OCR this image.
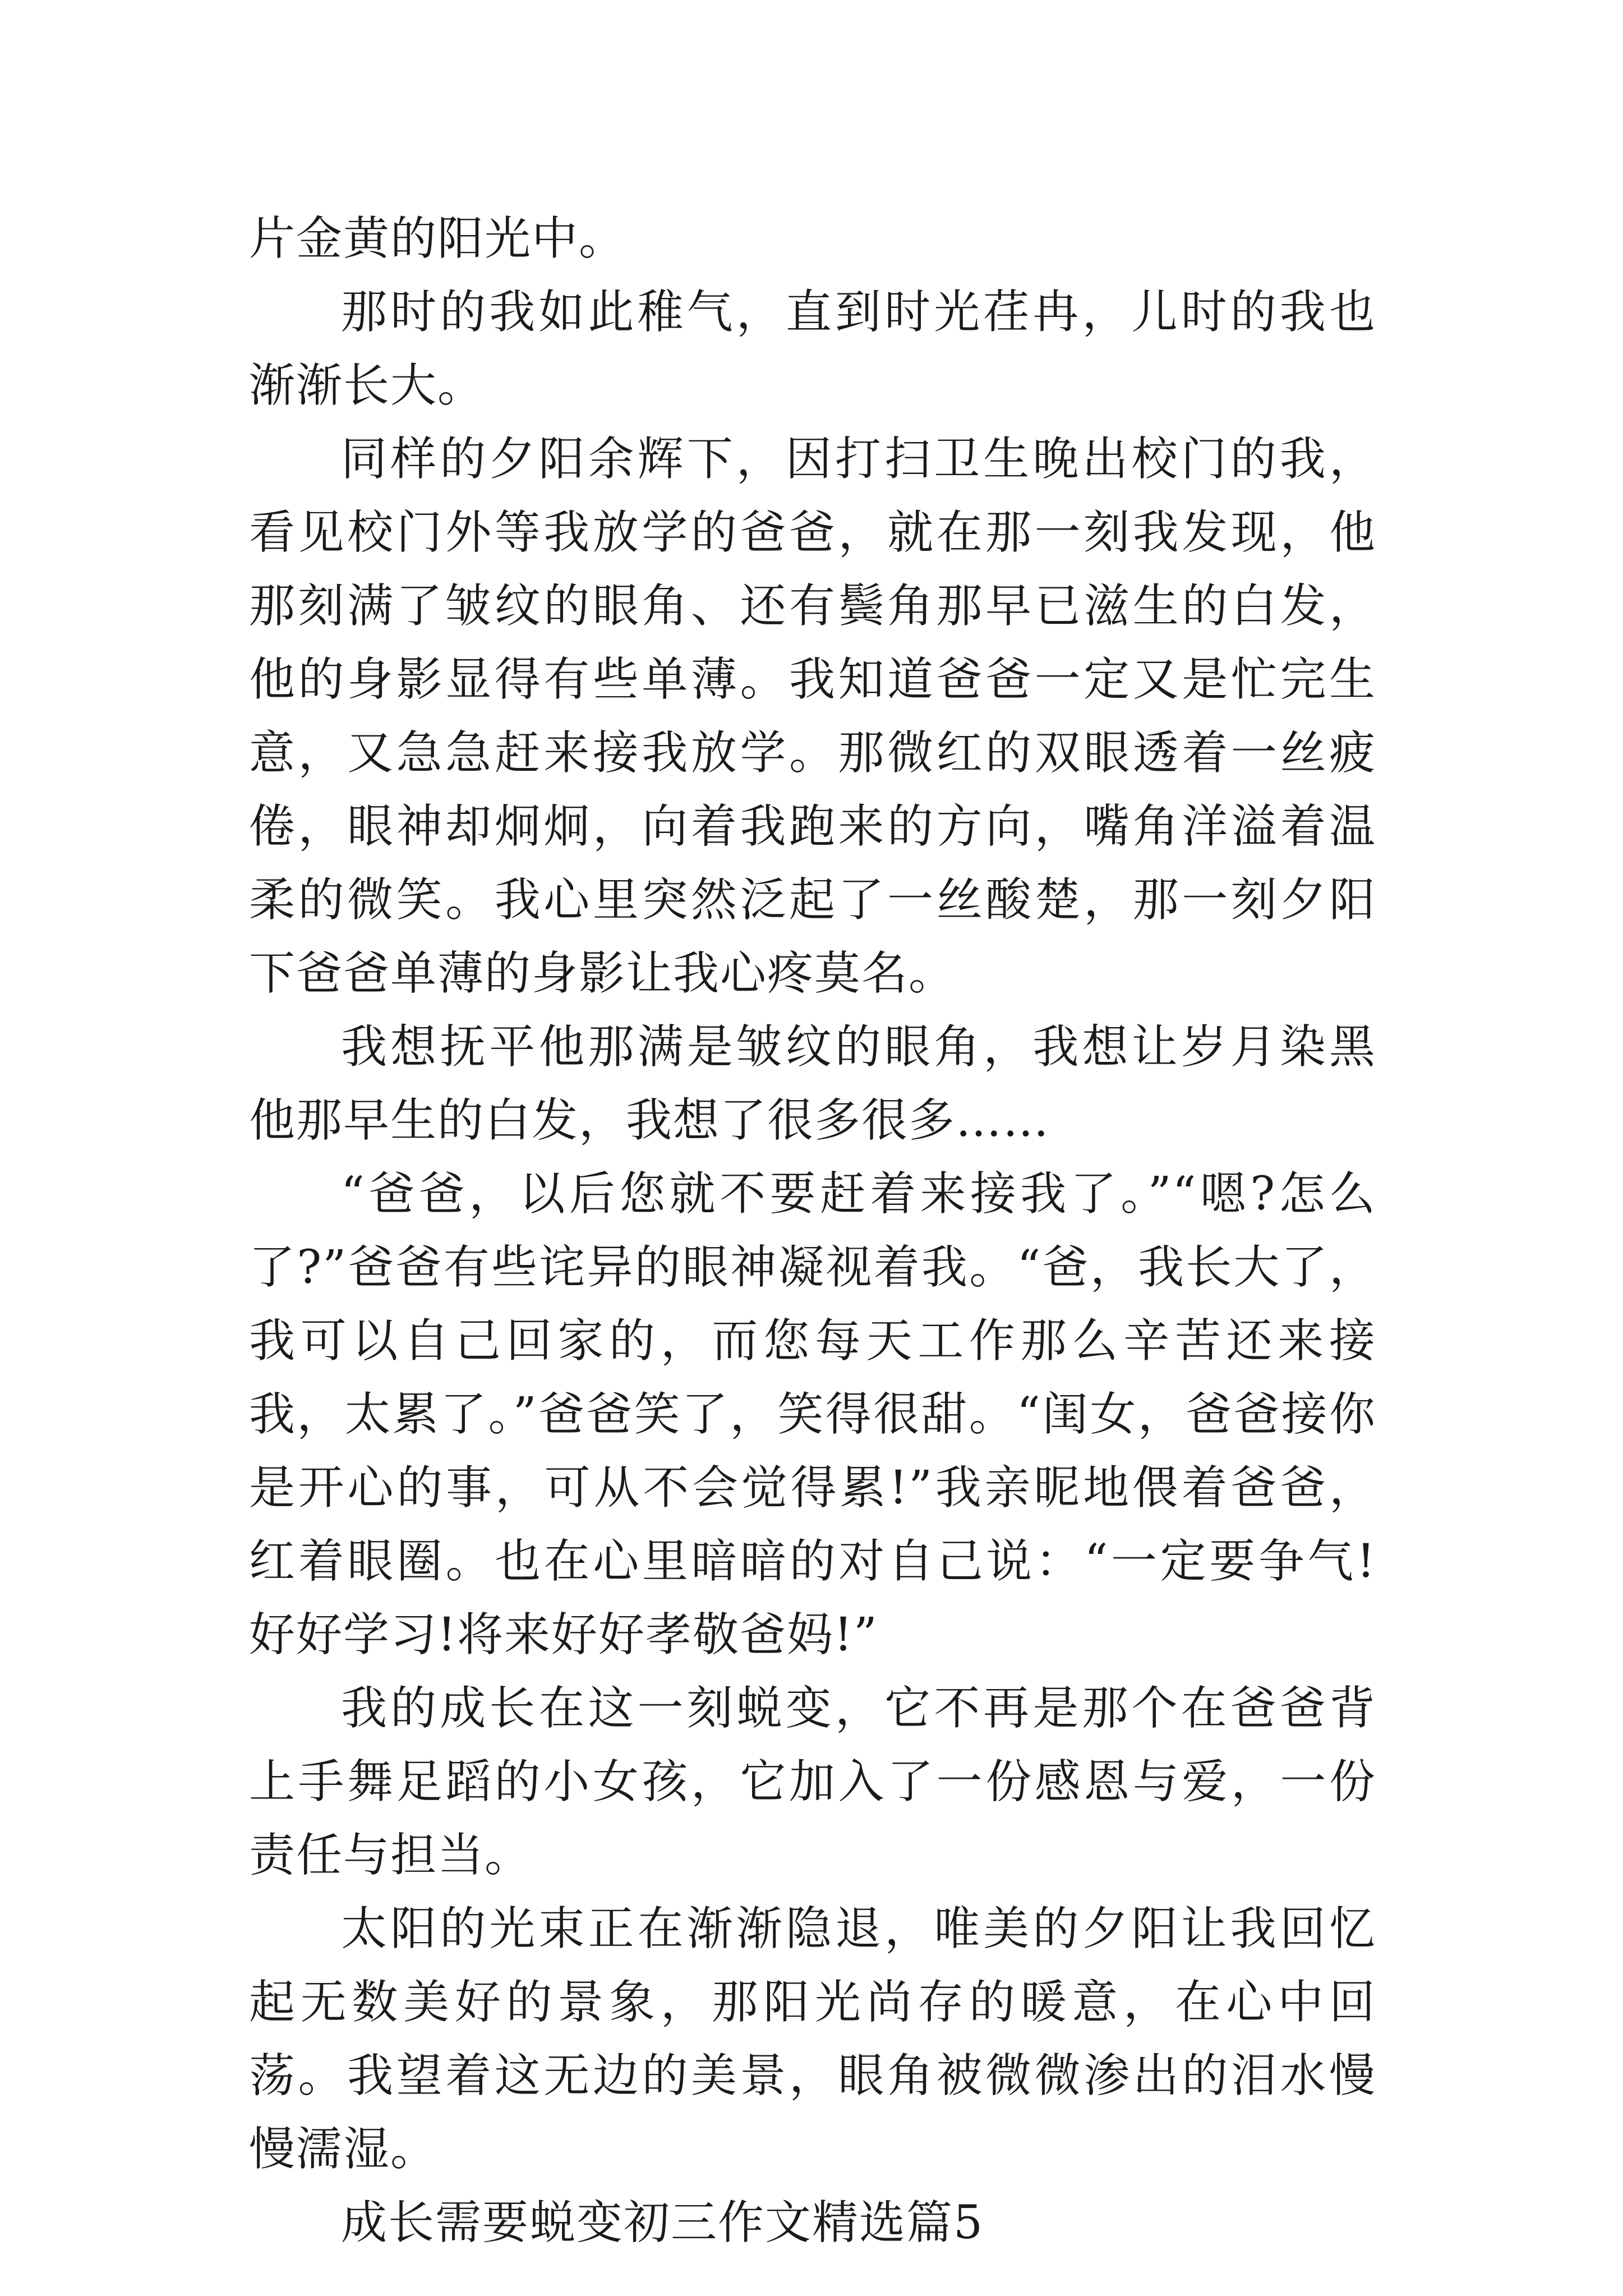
片金黄的阳光中。

那时的我如此稚气，直到时光荏冉，儿时的我也渐渐长大。

同样的夕阳余辉下，因打扫卫生晚出校门的我，看见校门外等我放学的爸爸，就在那一刻我发现，他那刻满了皱纹的眼角、还有鬓角那早已滋生的白发，他的身影显得有些单薄。我知道爸爸一定又是忙完生意，又急急赶来接我放学。那微红的双眼透着一丝疲倦，眼神却炯炯，向着我跑来的方向，嘴角洋溢着温柔的微笑。我心里突然泛起了一丝酸楚，那一刻夕阳下爸爸单薄的身影让我心疼莫名。

我想抚平他那满是皱纹的眼角，我想让岁月染黑他那早生的白发，我想了很多很多……

“爸爸，以后您就不要赶着来接我了。”“嗯?怎么了?”爸爸有些诧异的眼神凝视着我。“爸，我长大了，我可以自己回家的，而您每天工作那么辛苦还来接我，太累了。”爸爸笑了，笑得很甜。“闺女，爸爸接你是开心的事，可从不会觉得累!”我亲昵地偎着爸爸，红着眼圈。也在心里暗暗的对自己说：“一定要争气!好好学习!将来好好孝敬爸妈!”

我的成长在这一刻蜕变，它不再是那个在爸爸背上手舞足蹈的小女孩，它加入了一份感恩与爱，一份责任与担当。

太阳的光束正在渐渐隐退，唯美的夕阳让我回忆起无数美好的景象，那阳光尚存的暖意，在心中回荡。我望着这无边的美景，眼角被微微渗出的泪水慢慢濡湿。

成长需要蜕变初三作文精选篇5
